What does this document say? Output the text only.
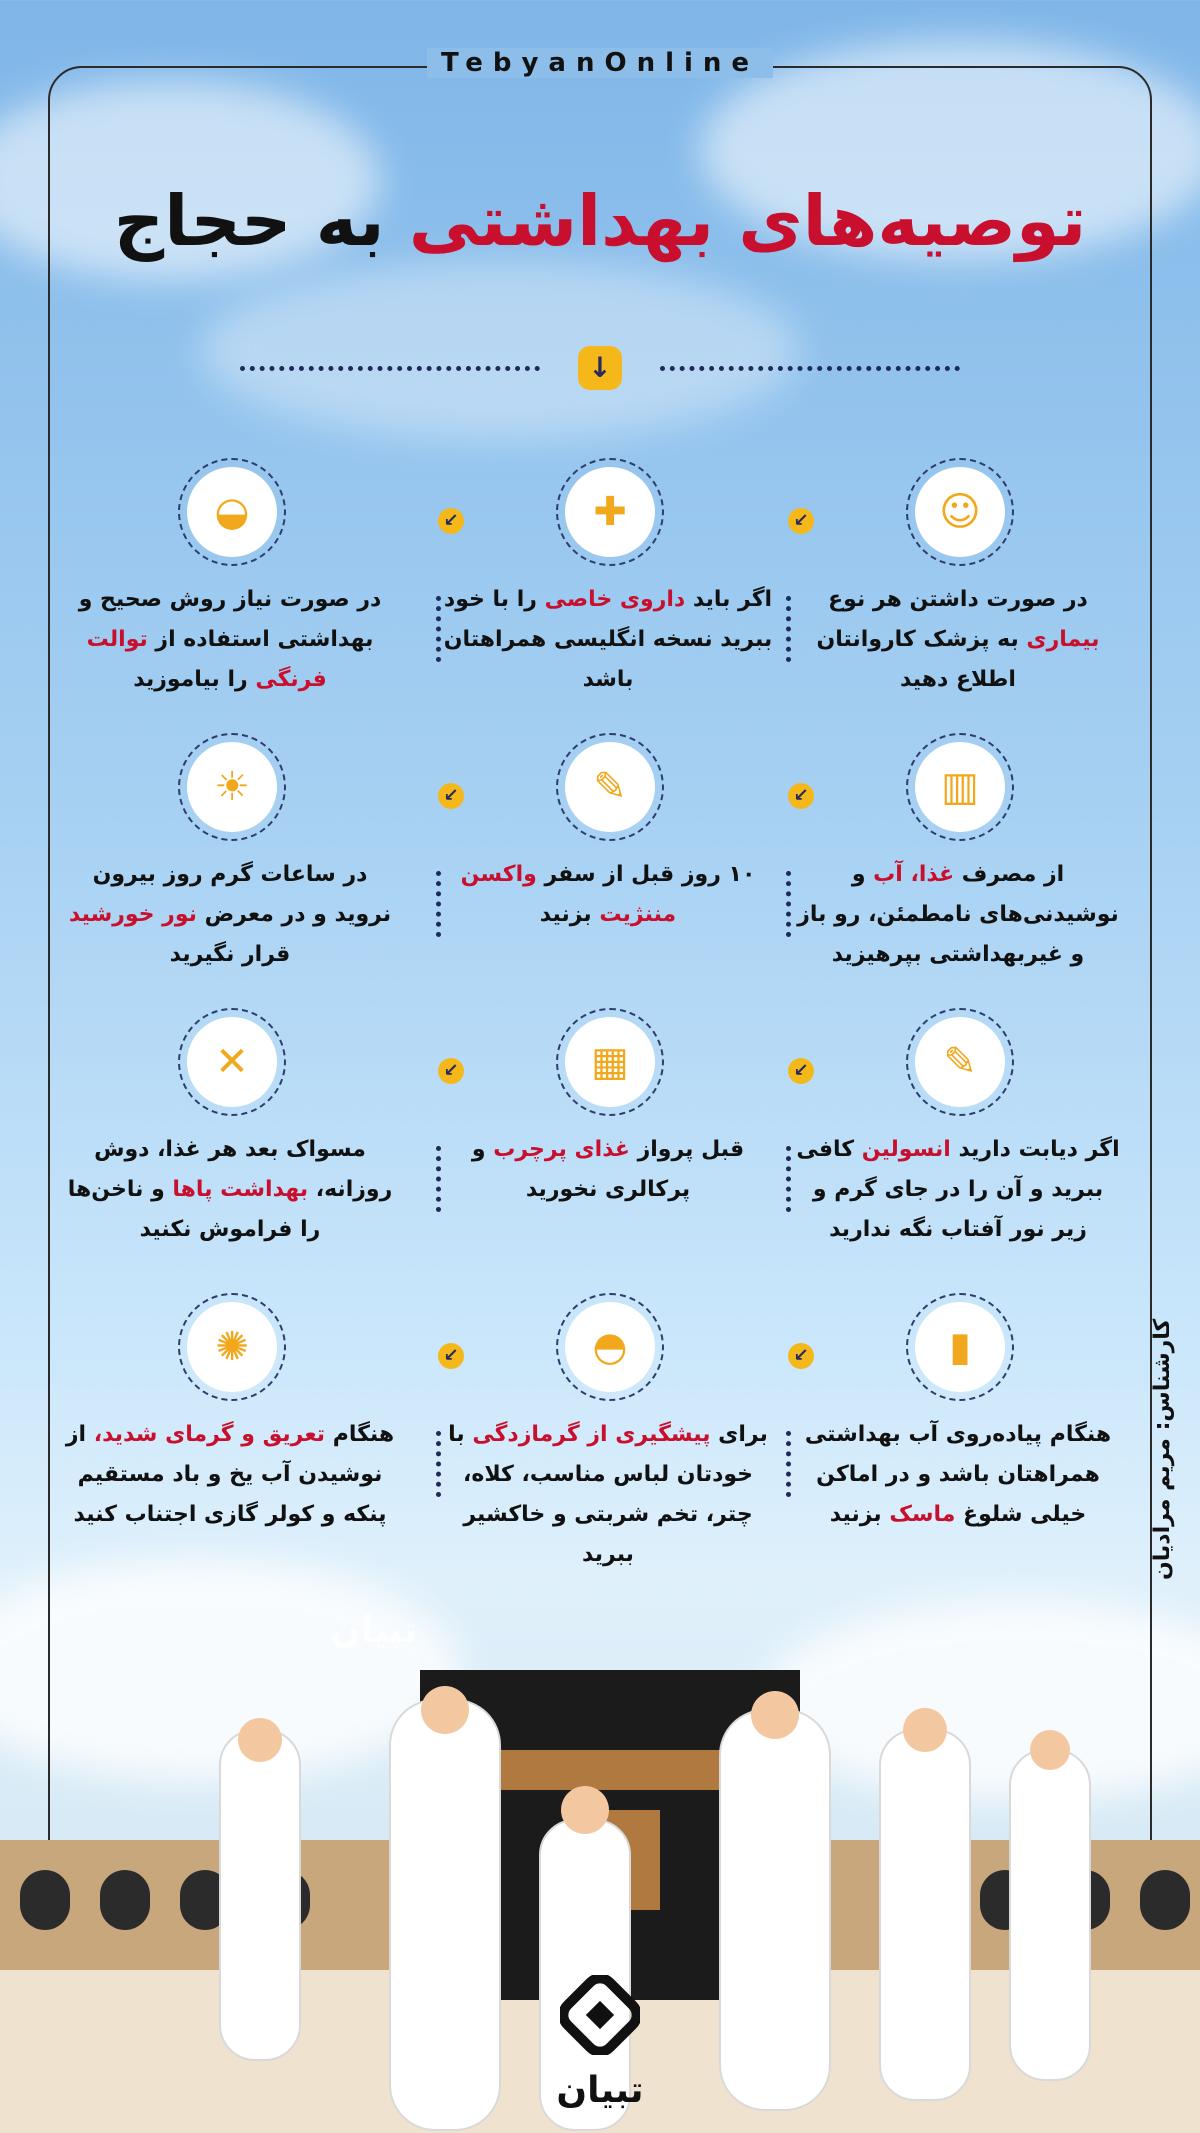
TebyanOnline
توصیه‌های بهداشتی به حجاج
↓
☺
↙
در صورت داشتن هر نوع بیماری به پزشک کاروانتان اطلاع دهید
✚
↙
اگر باید داروی خاصی را با خود ببرید نسخه انگلیسی همراهتان باشد
◒
در صورت نیاز روش صحیح و بهداشتی استفاده از توالت فرنگی را بیاموزید
▥
↙
از مصرف غذا، آب و نوشیدنی‌های نامطمئن، رو باز و غیربهداشتی بپرهیزید
✎
↙
۱۰ روز قبل از سفر واکسن مننژیت بزنید
☀
در ساعات گرم روز بیرون نروید و در معرض نور خورشید قرار نگیرید
✎
↙
اگر دیابت دارید انسولین کافی ببرید و آن را در جای گرم و زیر نور آفتاب نگه ندارید
▦
↙
قبل پرواز غذای پرچرب و پرکالری نخورید
✕
مسواک بعد هر غذا، دوش روزانه، بهداشت پاها و ناخن‌ها را فراموش نکنید
▮
↙
هنگام پیاده‌روی آب بهداشتی همراهتان باشد و در اماکن خیلی شلوغ ماسک بزنید
◓
↙
برای پیشگیری از گرمازدگی با خودتان لباس مناسب، کلاه، چتر، تخم شربتی و خاکشیر ببرید
✺
هنگام تعریق و گرمای شدید، از نوشیدن آب یخ و باد مستقیم پنکه و کولر گازی اجتناب کنید
تبیان
کارشناس: مریم مرادیان
تبیان
